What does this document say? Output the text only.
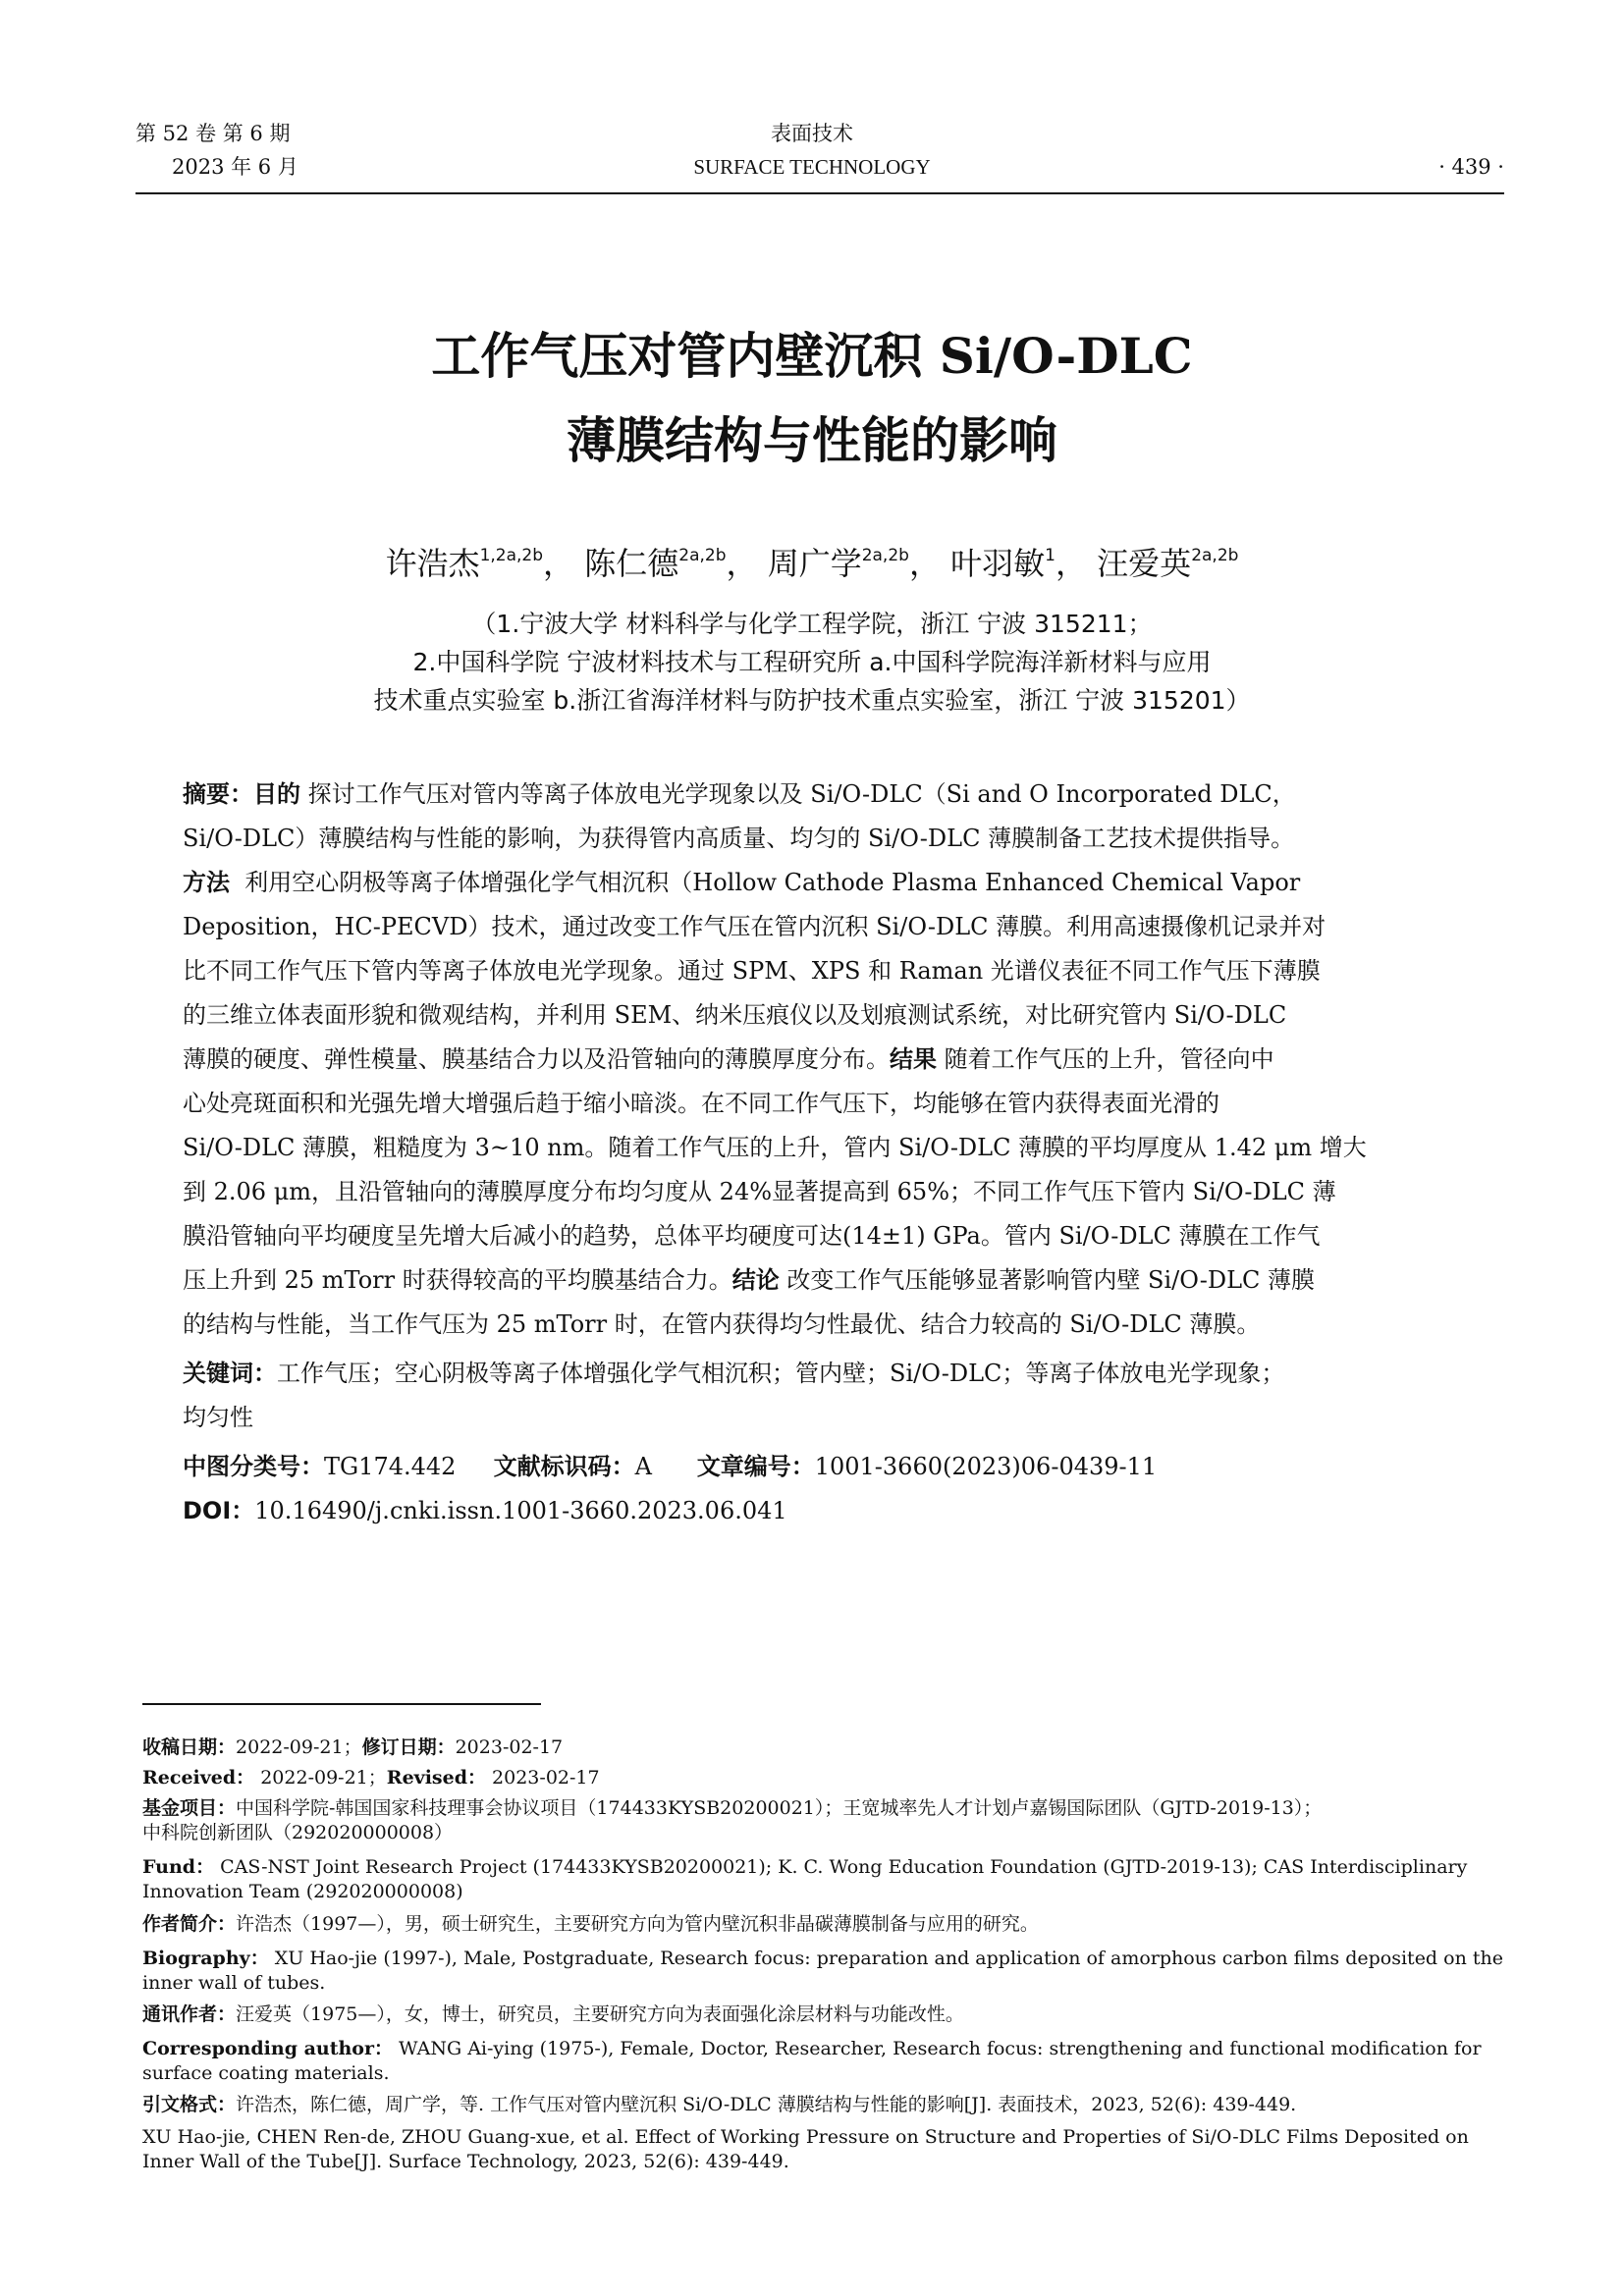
第 52 卷 第 6 期
2023 年 6 月
表面技术
SURFACE TECHNOLOGY	· 439 ·
工作气压对管内壁沉积 Si/O-DLC
薄膜结构与性能的影响
许浩杰$^{1,2a,2b}$， 陈仁德$^{2a,2b}$， 周广学$^{2a,2b}$， 叶羽敏$^1$， 汪爱英$^{2a,2b}$
（1.宁波大学 材料科学与化学工程学院，浙江 宁波 315211；
2.中国科学院 宁波材料技术与工程研究所 a.中国科学院海洋新材料与应用
技术重点实验室 b.浙江省海洋材料与防护技术重点实验室，浙江 宁波 315201）
摘要：目的 探讨工作气压对管内等离子体放电光学现象以及 Si/O-DLC（Si and O Incorporated DLC，
Si/O-DLC）薄膜结构与性能的影响，为获得管内高质量、均匀的 Si/O-DLC 薄膜制备工艺技术提供指导。
方法 利用空心阴极等离子体增强化学气相沉积（Hollow Cathode Plasma Enhanced Chemical Vapor
Deposition，HC-PECVD）技术，通过改变工作气压在管内沉积 Si/O-DLC 薄膜。利用高速摄像机记录并对
比不同工作气压下管内等离子体放电光学现象。通过 SPM、XPS 和 Raman 光谱仪表征不同工作气压下薄膜
的三维立体表面形貌和微观结构，并利用 SEM、纳米压痕仪以及划痕测试系统，对比研究管内 Si/O-DLC
薄膜的硬度、弹性模量、膜基结合力以及沿管轴向的薄膜厚度分布。结果 随着工作气压的上升，管径向中
心处亮斑面积和光强先增大增强后趋于缩小暗淡。在不同工作气压下，均能够在管内获得表面光滑的
Si/O-DLC 薄膜，粗糙度为 3~10 nm。随着工作气压的上升，管内 Si/O-DLC 薄膜的平均厚度从 1.42 μm 增大
到 2.06 μm，且沿管轴向的薄膜厚度分布均匀度从 24%显著提高到 65%；不同工作气压下管内 Si/O-DLC 薄
膜沿管轴向平均硬度呈先增大后减小的趋势，总体平均硬度可达(14±1) GPa。管内 Si/O-DLC 薄膜在工作气
压上升到 25 mTorr 时获得较高的平均膜基结合力。结论 改变工作气压能够显著影响管内壁 Si/O-DLC 薄膜
的结构与性能，当工作气压为 25 mTorr 时，在管内获得均匀性最优、结合力较高的 Si/O-DLC 薄膜。
关键词：工作气压；空心阴极等离子体增强化学气相沉积；管内壁；Si/O-DLC；等离子体放电光学现象；
均匀性
中图分类号：TG174.442 文献标识码：A 文章编号：1001-3660(2023)06-0439-11
DOI：10.16490/j.cnki.issn.1001-3660.2023.06.041
收稿日期：2022-09-21；修订日期：2023-02-17
Received： 2022-09-21；Revised： 2023-02-17
基金项目：中国科学院-韩国国家科技理事会协议项目（174433KYSB20200021）；王宽城率先人才计划卢嘉锡国际团队（GJTD-2019-13）；
中科院创新团队（292020000008）
Fund： CAS-NST Joint Research Project (174433KYSB20200021); K. C. Wong Education Foundation (GJTD-2019-13); CAS Interdisciplinary
Innovation Team (292020000008)
作者简介：许浩杰（1997—），男，硕士研究生，主要研究方向为管内壁沉积非晶碳薄膜制备与应用的研究。
Biography： XU Hao-jie (1997-), Male, Postgraduate, Research focus: preparation and application of amorphous carbon films deposited on the
inner wall of tubes.
通讯作者：汪爱英（1975—），女，博士，研究员，主要研究方向为表面强化涂层材料与功能改性。
Corresponding author： WANG Ai-ying (1975-), Female, Doctor, Researcher, Research focus: strengthening and functional modification for
surface coating materials.
引文格式：许浩杰，陈仁德，周广学，等. 工作气压对管内壁沉积 Si/O-DLC 薄膜结构与性能的影响[J]. 表面技术，2023, 52(6): 439-449.
XU Hao-jie, CHEN Ren-de, ZHOU Guang-xue, et al. Effect of Working Pressure on Structure and Properties of Si/O-DLC Films Deposited on
Inner Wall of the Tube[J]. Surface Technology, 2023, 52(6): 439-449.
